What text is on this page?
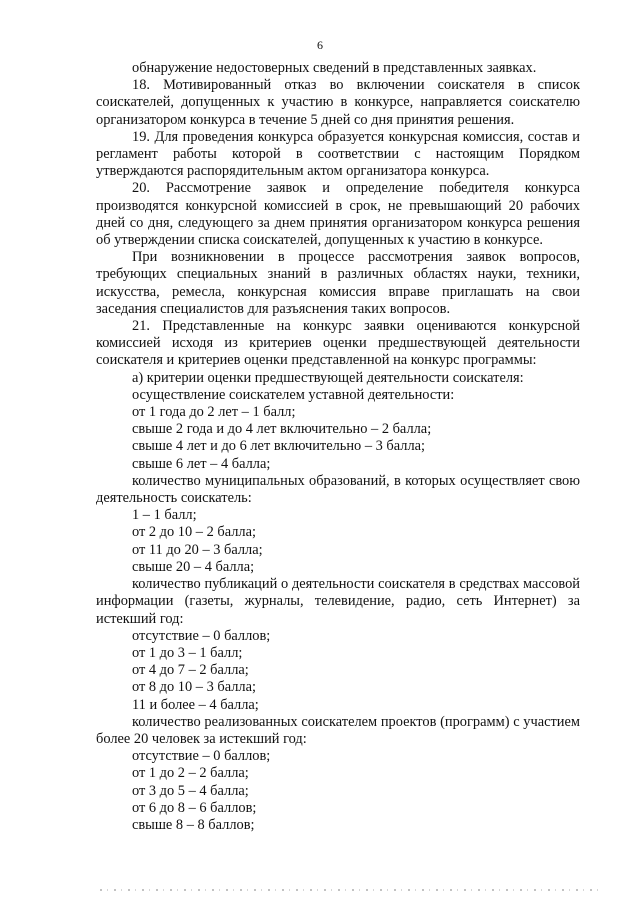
6

обнаружение недостоверных сведений в представленных заявках.

18. Мотивированный отказ во включении соискателя в список соискателей, допущенных к участию в конкурсе, направляется соискателю организатором конкурса в течение 5 дней со дня принятия решения.

19. Для проведения конкурса образуется конкурсная комиссия, состав и регламент работы которой в соответствии с настоящим Порядком утверждаются распорядительным актом организатора конкурса.

20. Рассмотрение заявок и определение победителя конкурса производятся конкурсной комиссией в срок, не превышающий 20 рабочих дней со дня, следующего за днем принятия организатором конкурса решения об утверждении списка соискателей, допущенных к участию в конкурсе.

При возникновении в процессе рассмотрения заявок вопросов, требующих специальных знаний в различных областях науки, техники, искусства, ремесла, конкурсная комиссия вправе приглашать на свои заседания специалистов для разъяснения таких вопросов.

21. Представленные на конкурс заявки оцениваются конкурсной комиссией исходя из критериев оценки предшествующей деятельности соискателя и критериев оценки представленной на конкурс программы:

а) критерии оценки предшествующей деятельности соискателя:

осуществление соискателем уставной деятельности:

от 1 года до 2 лет – 1 балл;

свыше 2 года и до 4 лет включительно – 2 балла;

свыше 4 лет и до 6 лет включительно – 3 балла;

свыше 6 лет – 4 балла;

количество муниципальных образований, в которых осуществляет свою деятельность соискатель:

1 – 1 балл;

от 2 до 10 – 2 балла;

от 11 до 20 – 3 балла;

свыше 20 – 4 балла;

количество публикаций о деятельности соискателя в средствах массовой информации (газеты, журналы, телевидение, радио, сеть Интернет) за истекший год:

отсутствие – 0 баллов;

от 1 до 3 – 1 балл;

от 4 до 7 – 2 балла;

от 8 до 10 – 3 балла;

11 и более – 4 балла;

количество реализованных соискателем проектов (программ) с участием более 20 человек за истекший год:

отсутствие – 0 баллов;

от 1 до 2 – 2 балла;

от 3 до 5 – 4 балла;

от 6 до 8 – 6 баллов;

свыше 8 – 8 баллов;
